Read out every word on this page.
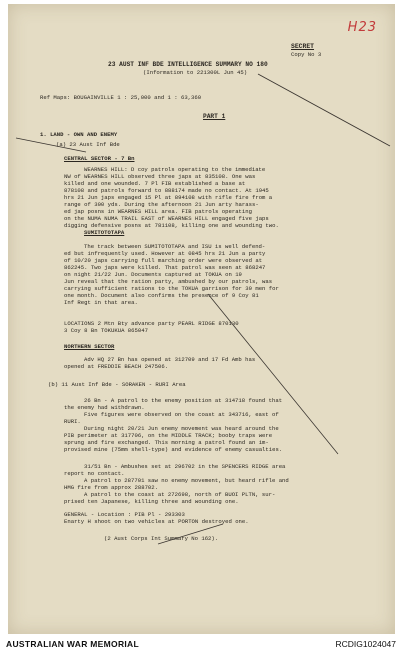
H23
SECRET
Copy No 3
23 AUST INF BDE INTELLIGENCE SUMMARY NO 180
(Information to 221300L Jun 45)
Ref Maps: BOUGAINVILLE 1 : 25,000 and 1 : 63,360
PART 1
1. LAND - OWN AND ENEMY
(a) 23 Aust Inf Bde
CENTRAL SECTOR - 7 Bn
WEARNES HILL: D coy patrols operating to the immediate
NW of WEARNES HILL observed three japs at 835108. One was
killed and one wounded. 7 Pl FIB established a base at
878108 and patrols forward to 888174 made no contact. At 1945
hrs 21 Jun japs engaged 15 Pl at 894108 with rifle fire from a
range of 300 yds. During the afternoon 21 Jun arty harass-
ed jap posns in WEARNES HILL area. FIB patrols operating
on the NUMA NUMA TRAIL EAST of WEARNES HILL engaged five japs
digging defensive posns at 781108, killing one and wounding two.
SUMITOTOTAPA
The track between SUMITOTOTAPA and ISU is well defend-
ed but infrequently used. However at 0845 hrs 21 Jun a party
of 10/20 japs carrying full marching order were observed at
862245. Two japs were killed. That patrol was seen at 868247
on night 21/22 Jun. Documents captured at TOKUA on 19
Jun reveal that the ration party, ambushed by our patrols, was
carrying sufficient rations to the TOKUA garrison for 30 men for
one month. Document also confirms the presence of 9 Coy 81
Inf Regt in that area.
LOCATIONS 2 Mtn Bty advance party PEARL RIDGE 870130
3 Coy 8 Bn TOKUKUA 865047
NORTHERN SECTOR
Adv HQ 27 Bn has opened at 312709 and 17 Fd Amb has
opened at FREDDIE BEACH 247506.
(b) 11 Aust Inf Bde - SORAKEN - RURI Area
26 Bn - A patrol to the enemy position at 314718 found that
the enemy had withdrawn.
Five figures were observed on the coast at 343716, east of
RURI.
During night 20/21 Jun enemy movement was heard around the
PIB perimeter at 317706, on the MIDDLE TRACK; booby traps were
sprung and fire exchanged. This morning a patrol found an im-
provised mine (75mm shell-type) and evidence of enemy casualties.
31/51 Bn - Ambushes set at 296702 in the SPENCERS RIDGE area
report no contact.
A patrol to 287701 saw no enemy movement, but heard rifle and
HMG fire from approx 288702.
A patrol to the coast at 272698, north of BUOI PLTN, sur-
prised ten Japanese, killing three and wounding one.
GENERAL - Location : PIB Pl - 293303
Enarty H shoot on two vehicles at PORTON destroyed one.
(2 Aust Corps Int Summary No 162).
AUSTRALIAN WAR MEMORIAL	RCDIG1024047
